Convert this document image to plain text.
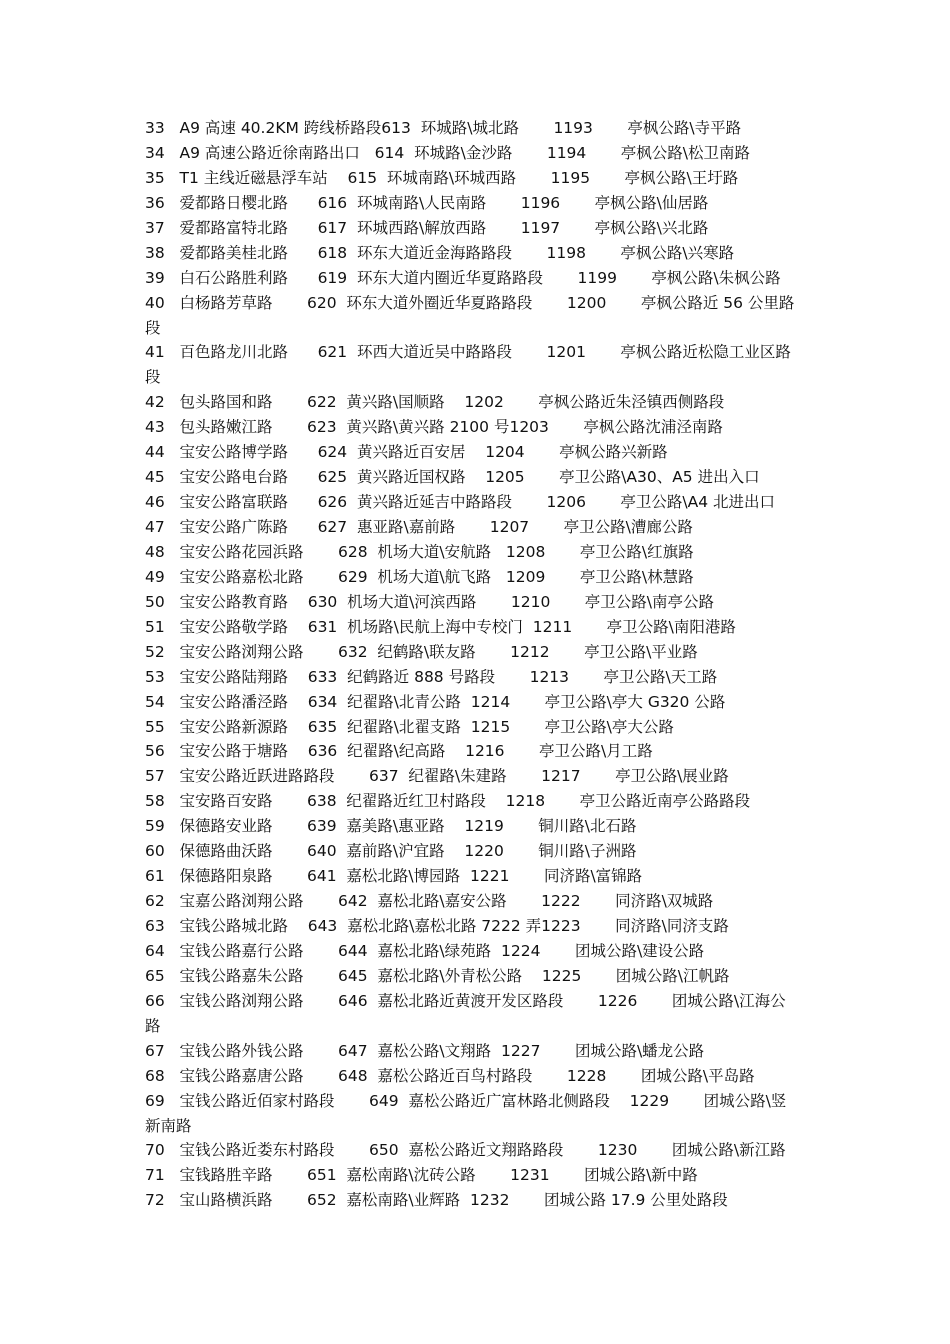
33   A9 高速 40.2KM 跨线桥路段613  环城路\城北路       1193       亭枫公路\寺平路
34   A9 高速公路近徐南路出口   614  环城路\金沙路       1194       亭枫公路\松卫南路
35   T1 主线近磁悬浮车站    615  环城南路\环城西路       1195       亭枫公路\王圩路
36   爱都路日樱北路      616  环城南路\人民南路       1196       亭枫公路\仙居路
37   爱都路富特北路      617  环城西路\解放西路       1197       亭枫公路\兴北路
38   爱都路美桂北路      618  环东大道近金海路路段       1198       亭枫公路\兴寒路
39   白石公路胜利路      619  环东大道内圈近华夏路路段       1199       亭枫公路\朱枫公路
40   白杨路芳草路       620  环东大道外圈近华夏路路段       1200       亭枫公路近 56 公里路
段
41   百色路龙川北路      621  环西大道近吴中路路段       1201       亭枫公路近松隐工业区路
段
42   包头路国和路       622  黄兴路\国顺路    1202       亭枫公路近朱泾镇西侧路段
43   包头路嫩江路       623  黄兴路\黄兴路 2100 号1203       亭枫公路沈浦泾南路
44   宝安公路博学路      624  黄兴路近百安居    1204       亭枫公路兴新路
45   宝安公路电台路      625  黄兴路近国权路    1205       亭卫公路\A30、A5 进出入口
46   宝安公路富联路      626  黄兴路近延吉中路路段       1206       亭卫公路\A4 北进出口
47   宝安公路广陈路      627  惠亚路\嘉前路       1207       亭卫公路\漕廊公路
48   宝安公路花园浜路       628  机场大道\安航路   1208       亭卫公路\红旗路
49   宝安公路嘉松北路       629  机场大道\航飞路   1209       亭卫公路\林慧路
50   宝安公路教育路    630  机场大道\河滨西路       1210       亭卫公路\南亭公路
51   宝安公路敬学路    631  机场路\民航上海中专校门  1211       亭卫公路\南阳港路
52   宝安公路浏翔公路       632  纪鹤路\联友路       1212       亭卫公路\平业路
53   宝安公路陆翔路    633  纪鹤路近 888 号路段       1213       亭卫公路\天工路
54   宝安公路潘泾路    634  纪翟路\北青公路  1214       亭卫公路\亭大 G320 公路
55   宝安公路新源路    635  纪翟路\北翟支路  1215       亭卫公路\亭大公路
56   宝安公路于塘路    636  纪翟路\纪高路    1216       亭卫公路\月工路
57   宝安公路近跃进路路段       637  纪翟路\朱建路       1217       亭卫公路\展业路
58   宝安路百安路       638  纪翟路近红卫村路段    1218       亭卫公路近南亭公路路段
59   保德路安业路       639  嘉美路\惠亚路    1219       铜川路\北石路
60   保德路曲沃路       640  嘉前路\沪宜路    1220       铜川路\子洲路
61   保德路阳泉路       641  嘉松北路\博园路  1221       同济路\富锦路
62   宝嘉公路浏翔公路       642  嘉松北路\嘉安公路       1222       同济路\双城路
63   宝钱公路城北路    643  嘉松北路\嘉松北路 7222 弄1223       同济路\同济支路
64   宝钱公路嘉行公路       644  嘉松北路\绿苑路  1224       团城公路\建设公路
65   宝钱公路嘉朱公路       645  嘉松北路\外青松公路    1225       团城公路\江帆路
66   宝钱公路浏翔公路       646  嘉松北路近黄渡开发区路段       1226       团城公路\江海公
路
67   宝钱公路外钱公路       647  嘉松公路\文翔路  1227       团城公路\蟠龙公路
68   宝钱公路嘉唐公路       648  嘉松公路近百鸟村路段       1228       团城公路\平岛路
69   宝钱公路近佰家村路段       649  嘉松公路近广富林路北侧路段    1229       团城公路\竖
新南路
70   宝钱公路近娄东村路段       650  嘉松公路近文翔路路段       1230       团城公路\新江路
71   宝钱路胜辛路       651  嘉松南路\沈砖公路       1231       团城公路\新中路
72   宝山路横浜路       652  嘉松南路\业辉路  1232       团城公路 17.9 公里处路段
